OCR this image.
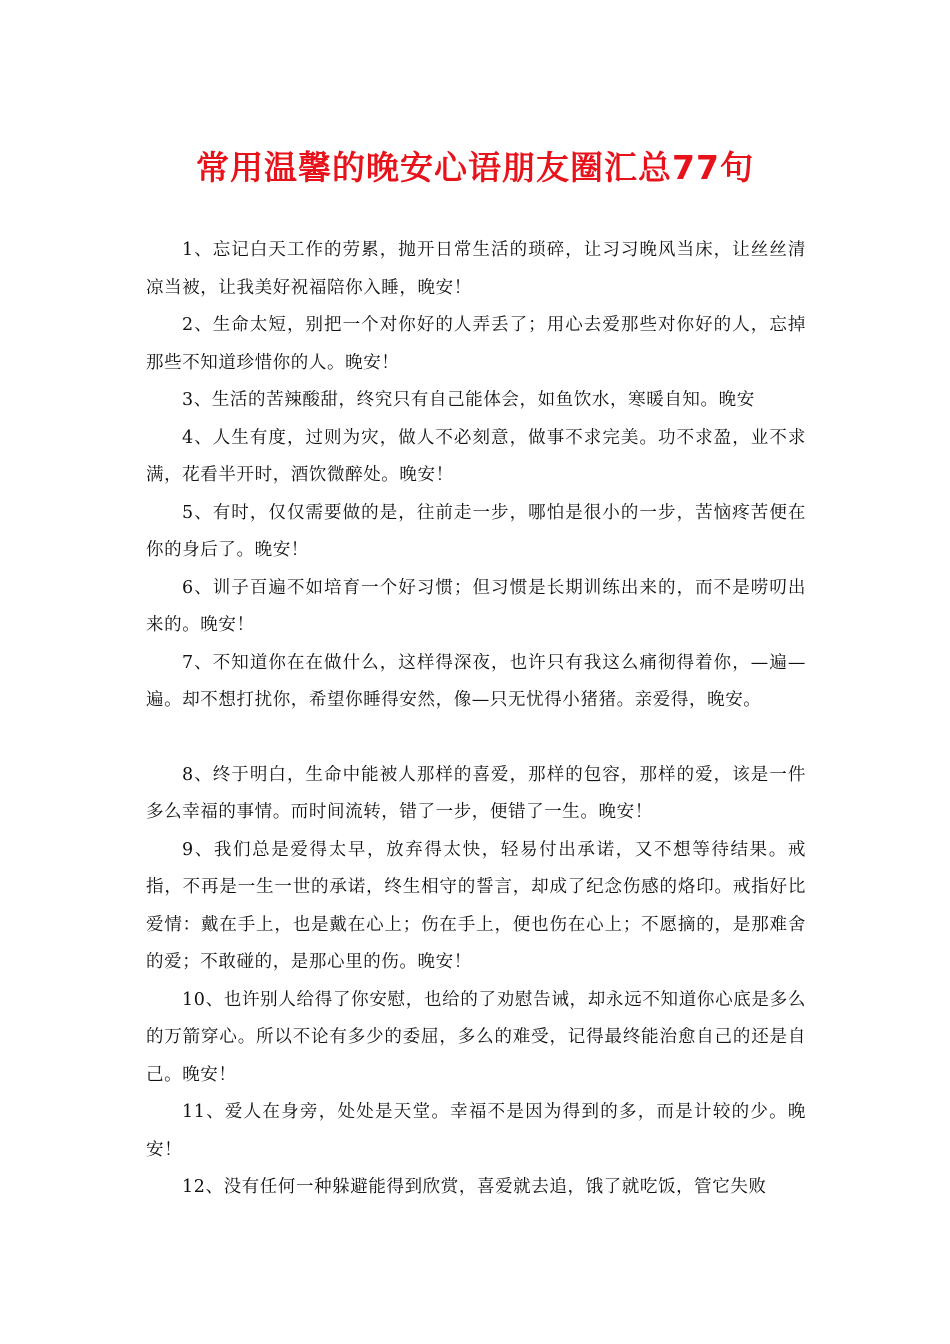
常用温馨的晚安心语朋友圈汇总77句

1、忘记白天工作的劳累，抛开日常生活的琐碎，让习习晚风当床，让丝丝清凉当被，让我美好祝福陪你入睡，晚安！

2、生命太短，别把一个对你好的人弄丢了；用心去爱那些对你好的人，忘掉那些不知道珍惜你的人。晚安！

3、生活的苦辣酸甜，终究只有自己能体会，如鱼饮水，寒暖自知。晚安

4、人生有度，过则为灾，做人不必刻意，做事不求完美。功不求盈，业不求满，花看半开时，酒饮微醉处。晚安！

5、有时，仅仅需要做的是，往前走一步，哪怕是很小的一步，苦恼疼苦便在你的身后了。晚安！

6、训子百遍不如培育一个好习惯；但习惯是长期训练出来的，而不是唠叨出来的。晚安！

7、不知道你在在做什么，这样得深夜，也许只有我这么痛彻得着你，—遍—遍。却不想打扰你，希望你睡得安然，像—只无忧得小猪猪。亲爱得，晚安。

8、终于明白，生命中能被人那样的喜爱，那样的包容，那样的爱，该是一件多么幸福的事情。而时间流转，错了一步，便错了一生。晚安！

9、我们总是爱得太早，放弃得太快，轻易付出承诺，又不想等待结果。戒指，不再是一生一世的承诺，终生相守的誓言，却成了纪念伤感的烙印。戒指好比爱情：戴在手上，也是戴在心上；伤在手上，便也伤在心上；不愿摘的，是那难舍的爱；不敢碰的，是那心里的伤。晚安！

10、也许别人给得了你安慰，也给的了劝慰告诫，却永远不知道你心底是多么的万箭穿心。所以不论有多少的委屈，多么的难受，记得最终能治愈自己的还是自己。晚安！

11、爱人在身旁，处处是天堂。幸福不是因为得到的多，而是计较的少。晚安！

12、没有任何一种躲避能得到欣赏，喜爱就去追，饿了就吃饭，管它失败
